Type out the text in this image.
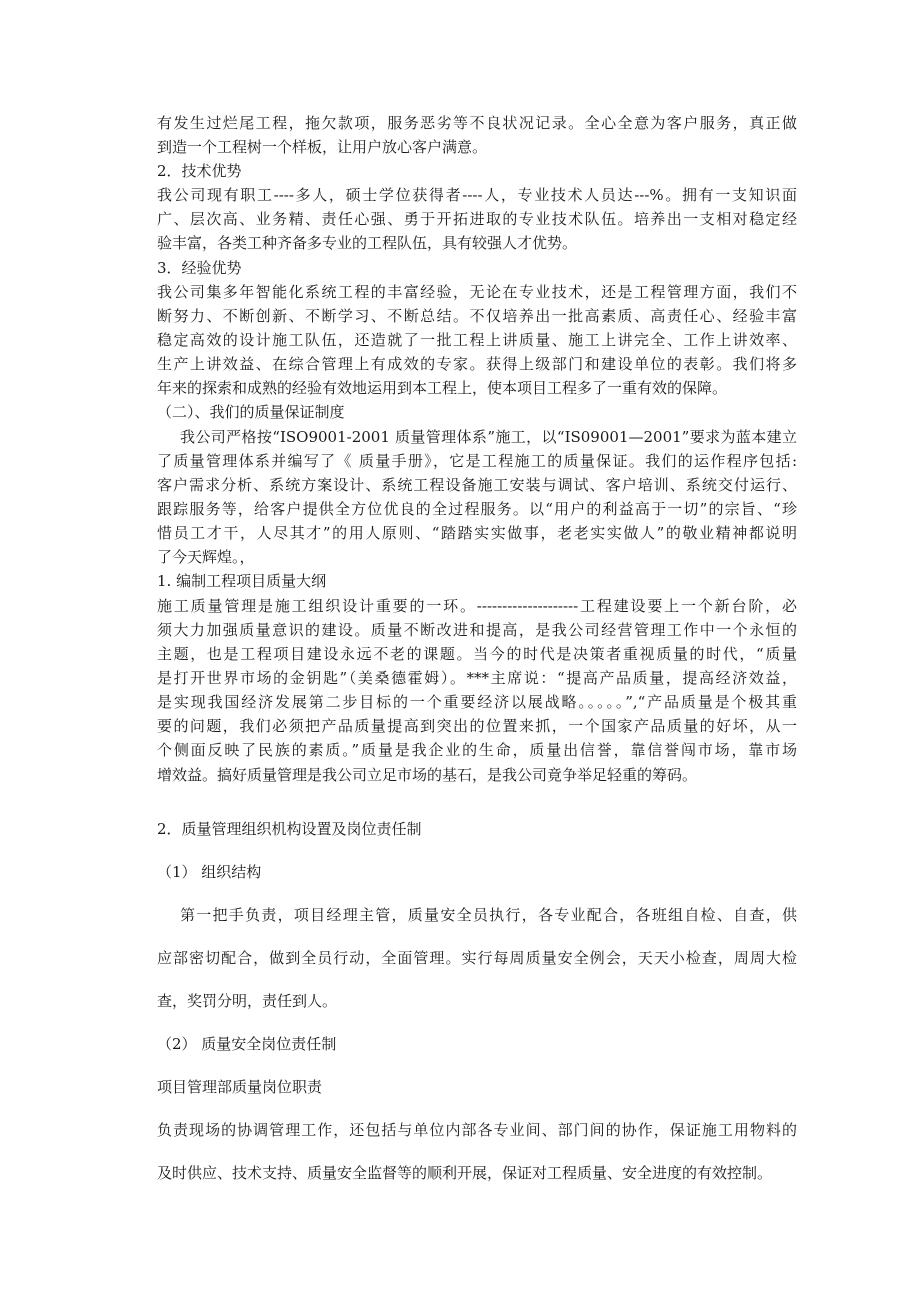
有发生过烂尾工程，拖欠款项，服务恶劣等不良状况记录。全心全意为客户服务，真正做
到造一个工程树一个样板，让用户放心客户满意。
2．技术优势
我公司现有职工----多人，硕士学位获得者----人，专业技术人员达---%。拥有一支知识面
广、层次高、业务精、责任心强、勇于开拓进取的专业技术队伍。培养出一支相对稳定经
验丰富，各类工种齐备多专业的工程队伍，具有较强人才优势。
3．经验优势
我公司集多年智能化系统工程的丰富经验，无论在专业技术，还是工程管理方面，我们不
断努力、不断创新、不断学习、不断总结。不仅培养出一批高素质、高责任心、经验丰富
稳定高效的设计施工队伍，还造就了一批工程上讲质量、施工上讲完全、工作上讲效率、
生产上讲效益、在综合管理上有成效的专家。获得上级部门和建设单位的表彰。我们将多
年来的探索和成熟的经验有效地运用到本工程上，使本项目工程多了一重有效的保障。
（二）、我们的质量保证制度
我公司严格按“ISO9001-2001 质量管理体系”施工，以“IS09001—2001”要求为蓝本建立
了质量管理体系并编写了《 质量手册》，它是工程施工的质量保证。我们的运作程序包括:
客户需求分析、系统方案设计、系统工程设备施工安装与调试、客户培训、系统交付运行、
跟踪服务等，给客户提供全方位优良的全过程服务。以“用户的利益高于一切”的宗旨、“珍
惜员工才干，人尽其才”的用人原则、“踏踏实实做事，老老实实做人”的敬业精神都说明
了今天辉煌。，
1. 编制工程项目质量大纲
施工质量管理是施工组织设计重要的一环。--------------------工程建设要上一个新台阶，必
须大力加强质量意识的建设。质量不断改进和提高，是我公司经营管理工作中一个永恒的
主题，也是工程项目建设永远不老的课题。当今的时代是决策者重视质量的时代，“质量
是打开世界市场的金钥匙”（美桑德霍姆）。***主席说：“提高产品质量，提高经济效益，
是实现我国经济发展第二步目标的一个重要经济以展战略。。。。。”,“产品质量是个极其重
要的问题，我们必须把产品质量提高到突出的位置来抓，一个国家产品质量的好坏，从一
个侧面反映了民族的素质。”质量是我企业的生命，质量出信誉，靠信誉闯市场，靠市场
增效益。搞好质量管理是我公司立足市场的基石，是我公司竟争举足轻重的筹码。
2．质量管理组织机构设置及岗位责任制
（1） 组织结构
第一把手负责，项目经理主管，质量安全员执行，各专业配合，各班组自检、自查，供
应部密切配合，做到全员行动，全面管理。实行每周质量安全例会，天天小检查，周周大检
查，奖罚分明，责任到人。
（2） 质量安全岗位责任制
项目管理部质量岗位职责
负责现场的协调管理工作，还包括与单位内部各专业间、部门间的协作，保证施工用物料的
及时供应、技术支持、质量安全监督等的顺利开展，保证对工程质量、安全进度的有效控制。
